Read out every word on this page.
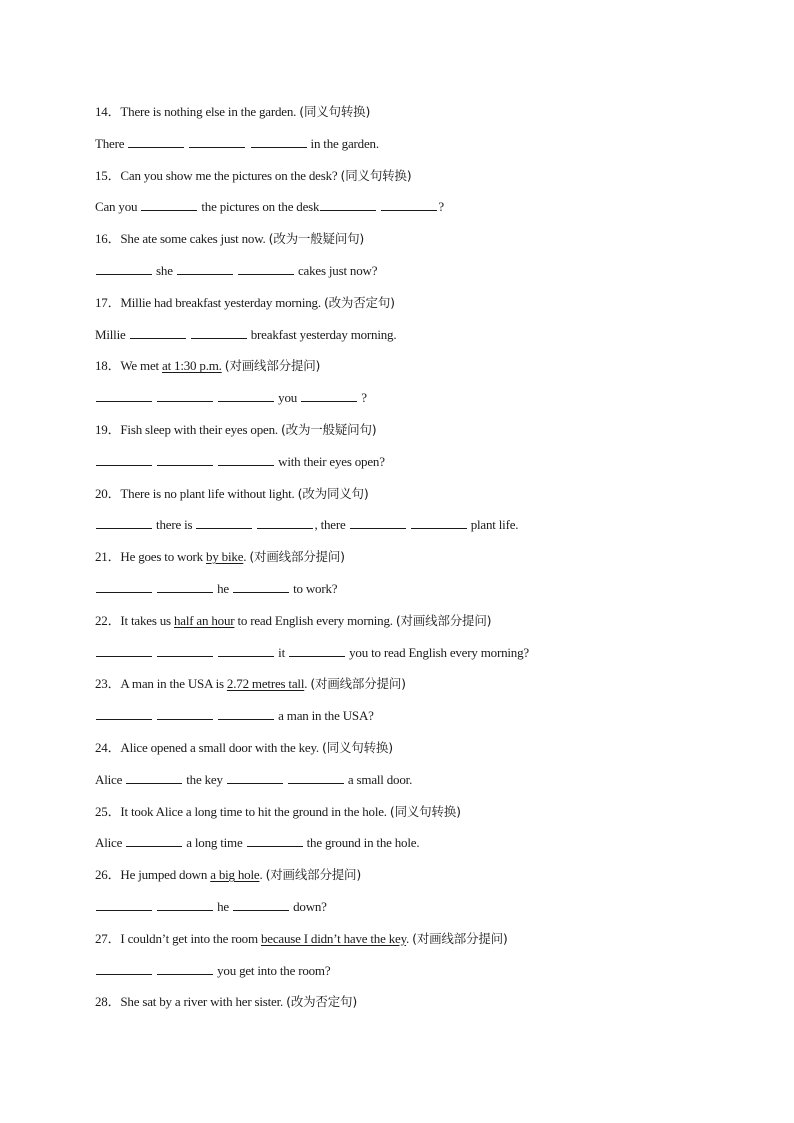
14．There is nothing else in the garden. (同义句转换)
There	in the garden.
15．Can you show me the pictures on the desk? (同义句转换)
Can you	the pictures on the desk	?
16．She ate some cakes just now. (改为一般疑问句)
she	cakes just now?
17．Millie had breakfast yesterday morning. (改为否定句)
Millie	breakfast yesterday morning.
18．We met at 1:30 p.m. (对画线部分提问)
you	?
19．Fish sleep with their eyes open. (改为一般疑问句)
with their eyes open?
20．There is no plant life without light. (改为同义句)
there is	, there	plant life.
21．He goes to work by bike. (对画线部分提问)
he	to work?
22．It takes us half an hour to read English every morning. (对画线部分提问)
it	you to read English every morning?
23．A man in the USA is 2.72 metres tall. (对画线部分提问)
a man in the USA?
24．Alice opened a small door with the key. (同义句转换)
Alice	the key	a small door.
25．It took Alice a long time to hit the ground in the hole. (同义句转换)
Alice	a long time	the ground in the hole.
26．He jumped down a big hole. (对画线部分提问)
he	down?
27．I couldn’t get into the room because I didn’t have the key. (对画线部分提问)
you get into the room?
28．She sat by a river with her sister. (改为否定句)
